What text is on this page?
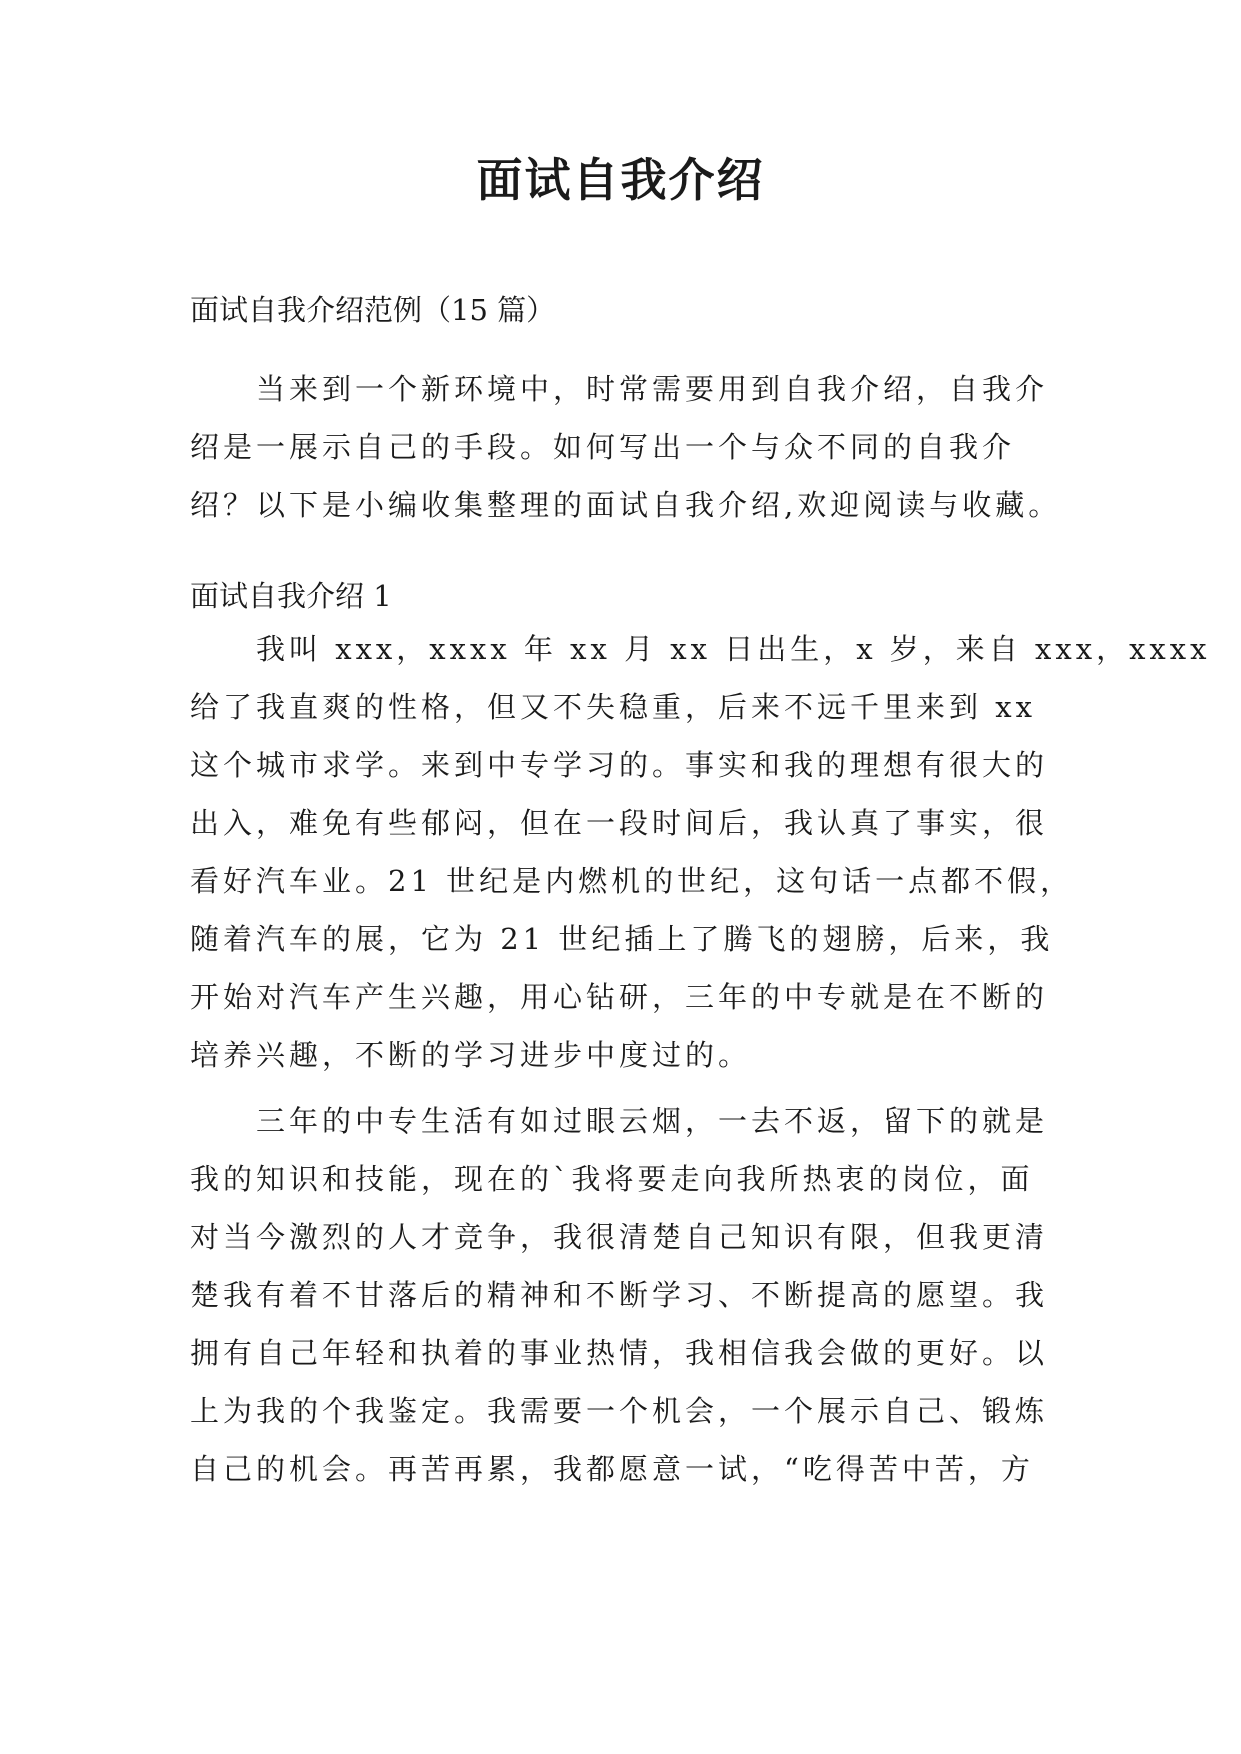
面试自我介绍
面试自我介绍范例（15 篇）
当来到一个新环境中，时常需要用到自我介绍，自我介
绍是一展示自己的手段。如何写出一个与众不同的自我介
绍？以下是小编收集整理的面试自我介绍,欢迎阅读与收藏。
面试自我介绍 1
我叫 xxx，xxxx 年 xx 月 xx 日出生，x 岁，来自 xxx，xxxx
给了我直爽的性格，但又不失稳重，后来不远千里来到 xx
这个城市求学。来到中专学习的。事实和我的理想有很大的
出入，难免有些郁闷，但在一段时间后，我认真了事实，很
看好汽车业。21 世纪是内燃机的世纪，这句话一点都不假，
随着汽车的展，它为 21 世纪插上了腾飞的翅膀，后来，我
开始对汽车产生兴趣，用心钻研，三年的中专就是在不断的
培养兴趣，不断的学习进步中度过的。
三年的中专生活有如过眼云烟，一去不返，留下的就是
我的知识和技能，现在的`我将要走向我所热衷的岗位，面
对当今激烈的人才竞争，我很清楚自己知识有限，但我更清
楚我有着不甘落后的精神和不断学习、不断提高的愿望。我
拥有自己年轻和执着的事业热情，我相信我会做的更好。以
上为我的个我鉴定。我需要一个机会，一个展示自己、锻炼
自己的机会。再苦再累，我都愿意一试，“吃得苦中苦，方
